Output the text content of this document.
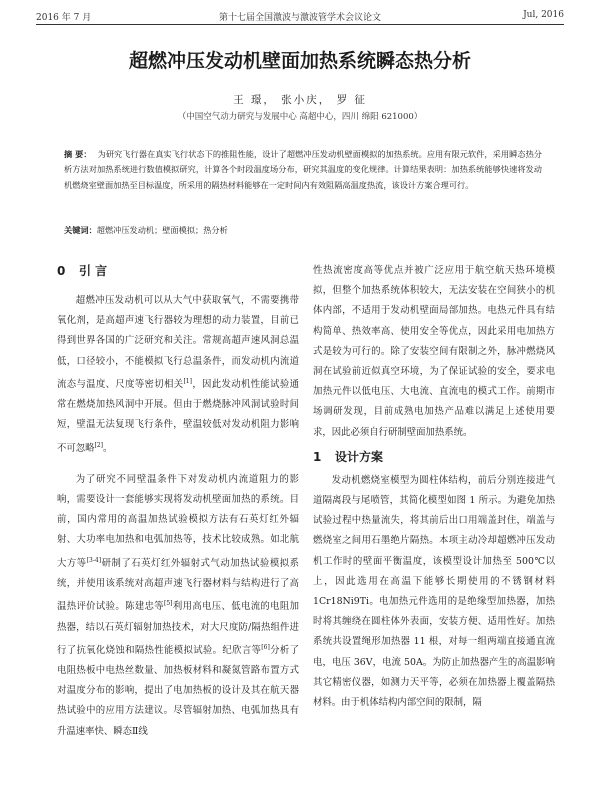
2016 年 7 月	第十七届全国激波与激波管学术会议论文	Jul, 2016
超燃冲压发动机壁面加热系统瞬态热分析
王 璟， 张小庆， 罗 征
（中国空气动力研究与发展中心 高超中心，四川 绵阳 621000）
摘 要： 为研究飞行器在真实飞行状态下的推阻性能，设计了超燃冲压发动机壁面模拟的加热系统。应用有限元软件，采用瞬态热分析方法对加热系统进行数值模拟研究，计算各个时段温度场分布，研究其温度的变化规律。计算结果表明：加热系统能够快速将发动机燃烧室壁面加热至目标温度，所采用的隔热材料能够在一定时间内有效阻隔高温度热流，该设计方案合理可行。
关键词：超燃冲压发动机；壁面模拟；热分析
0 引 言

超燃冲压发动机可以从大气中获取氧气，不需要携带氧化剂，是高超声速飞行器较为理想的动力装置，目前已得到世界各国的广泛研究和关注。常规高超声速风洞总温低，口径较小，不能模拟飞行总温条件，而发动机内流道流态与温度、尺度等密切相关[1]，因此发动机性能试验通常在燃烧加热风洞中开展。但由于燃烧脉冲风洞试验时间短，壁温无法复现飞行条件，壁温较低对发动机阻力影响不可忽略[2]。

为了研究不同壁温条件下对发动机内流道阻力的影响，需要设计一套能够实现将发动机壁面加热的系统。目前，国内常用的高温加热试验模拟方法有石英灯红外辐射、大功率电加热和电弧加热等，技术比较成熟。如北航大方等[3-4]研制了石英灯红外辐射式气动加热试验模拟系统，并使用该系统对高超声速飞行器材料与结构进行了高温热评价试验。陈建忠等[5]利用高电压、低电流的电阻加热器，结以石英灯辐射加热技术，对大尺度防/隔热组件进行了抗氧化烧蚀和隔热性能模拟试验。纪欣言等[6]分析了电阻热板中电热丝数量、加热板材料和凝氮管路布置方式对温度分布的影响，提出了电加热板的设计及其在航天器热试验中的应用方法建议。尽管辐射加热、电弧加热具有升温速率快、瞬态Ⅱ线

性热流密度高等优点并被广泛应用于航空航天热环境模拟，但整个加热系统体积较大，无法安装在空间狭小的机体内部，不适用于发动机壁面局部加热。电热元件具有结构简单、热效率高、使用安全等优点，因此采用电加热方式是较为可行的。除了安装空间有限制之外，脉冲燃烧风洞在试验前近似真空环境，为了保证试验的安全，要求电加热元件以低电压、大电流、直流电的模式工作。前期市场调研发现，目前成熟电加热产品难以满足上述使用要求，因此必须自行研制壁面加热系统。

1 设计方案

发动机燃烧室模型为圆柱体结构，前后分别连接进气道隔离段与尾喷管，其简化模型如图 1 所示。为避免加热试验过程中热量流失，将其前后出口用端盖封住，端盖与燃烧室之间用石墨绝片隔热。本项主动冷却超燃冲压发动机工作时的壁面平衡温度，该模型设计加热至 500℃以上，因此选用在高温下能够长期使用的不锈钢材料 1Cr18Ni9Ti。电加热元件选用的是绝缘型加热器，加热时将其缠绕在圆柱体外表面，安装方便、适用性好。加热系统共设置绳形加热器 11 根，对每一组两端直接通直流电，电压 36V，电流 50A。为防止加热器产生的高温影响其它精密仪器，如测力天平等，必须在加热器上覆盖隔热材料。由于机体结构内部空间的限制，隔
